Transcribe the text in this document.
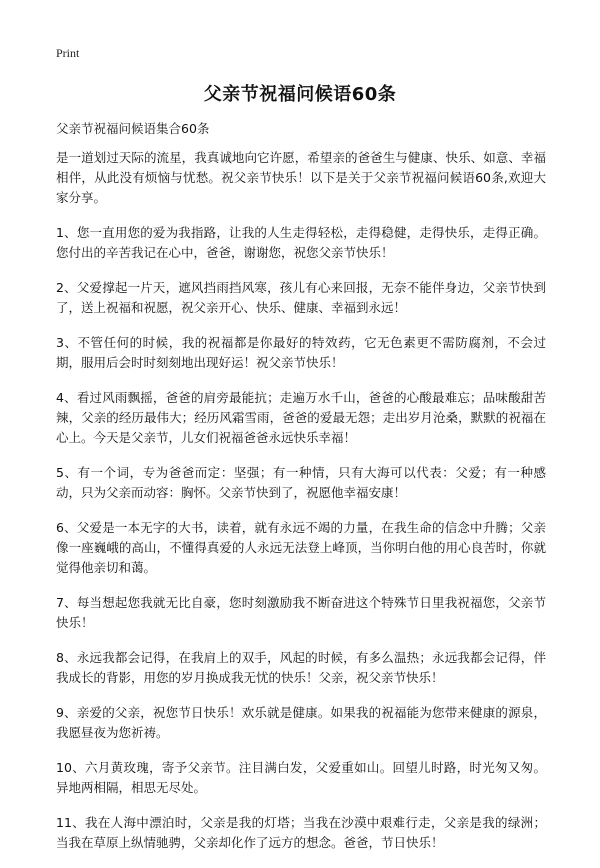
Print
父亲节祝福问候语60条

父亲节祝福问候语集合60条

是一道划过天际的流星，我真诚地向它许愿，希望亲的爸爸生与健康、快乐、如意、幸福相伴，从此没有烦恼与忧愁。祝父亲节快乐！以下是关于父亲节祝福问候语60条,欢迎大家分享。

1、您一直用您的爱为我指路，让我的人生走得轻松，走得稳健，走得快乐，走得正确。您付出的辛苦我记在心中，爸爸，谢谢您，祝您父亲节快乐！

2、父爱撑起一片天，遮风挡雨挡风寒，孩儿有心来回报，无奈不能伴身边，父亲节快到了，送上祝福和祝愿，祝父亲开心、快乐、健康、幸福到永远！

3、不管任何的时候，我的祝福都是你最好的特效药，它无色素更不需防腐剂，不会过期，服用后会时时刻刻地出现好运！祝父亲节快乐！

4、看过风雨飘摇，爸爸的肩旁最能抗；走遍万水千山，爸爸的心酸最难忘；品味酸甜苦辣，父亲的经历最伟大；经历风霜雪雨，爸爸的爱最无怨；走出岁月沧桑，默默的祝福在心上。今天是父亲节，儿女们祝福爸爸永远快乐幸福！

5、有一个词，专为爸爸而定：坚强；有一种情，只有大海可以代表：父爱；有一种感动，只为父亲而动容：胸怀。父亲节快到了，祝愿他幸福安康！

6、父爱是一本无字的大书，读着，就有永远不竭的力量，在我生命的信念中升腾；父亲像一座巍峨的高山，不懂得真爱的人永远无法登上峰顶，当你明白他的用心良苦时，你就觉得他亲切和蔼。

7、每当想起您我就无比自豪，您时刻激励我不断奋进这个特殊节日里我祝福您，父亲节快乐！

8、永远我都会记得，在我肩上的双手，风起的时候，有多么温热；永远我都会记得，伴我成长的背影，用您的岁月换成我无忧的快乐！父亲，祝父亲节快乐！

9、亲爱的父亲，祝您节日快乐！欢乐就是健康。如果我的祝福能为您带来健康的源泉，我愿昼夜为您祈祷。

10、六月黄玫瑰，寄予父亲节。注目满白发，父爱重如山。回望儿时路，时光匆又匆。异地两相隔，相思无尽处。

11、我在人海中漂泊时，父亲是我的灯塔；当我在沙漠中艰难行走，父亲是我的绿洲；当我在草原上纵情驰骋，父亲却化作了远方的想念。爸爸，节日快乐！
